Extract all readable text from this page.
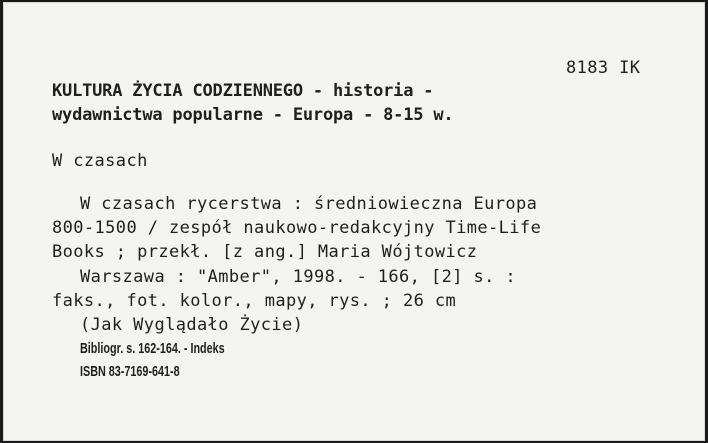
8183 IK
KULTURA ŻYCIA CODZIENNEGO - historia -
wydawnictwa popularne - Europa - 8-15 w.
W czasach
W czasach rycerstwa : średniowieczna Europa
800-1500 / zespół naukowo-redakcyjny Time-Life
Books ; przekł. [z ang.] Maria Wójtowicz
Warszawa : "Amber", 1998. - 166, [2] s. :
faks., fot. kolor., mapy, rys. ; 26 cm
(Jak Wyglądało Życie)
Bibliogr. s. 162-164. - Indeks
ISBN 83-7169-641-8
